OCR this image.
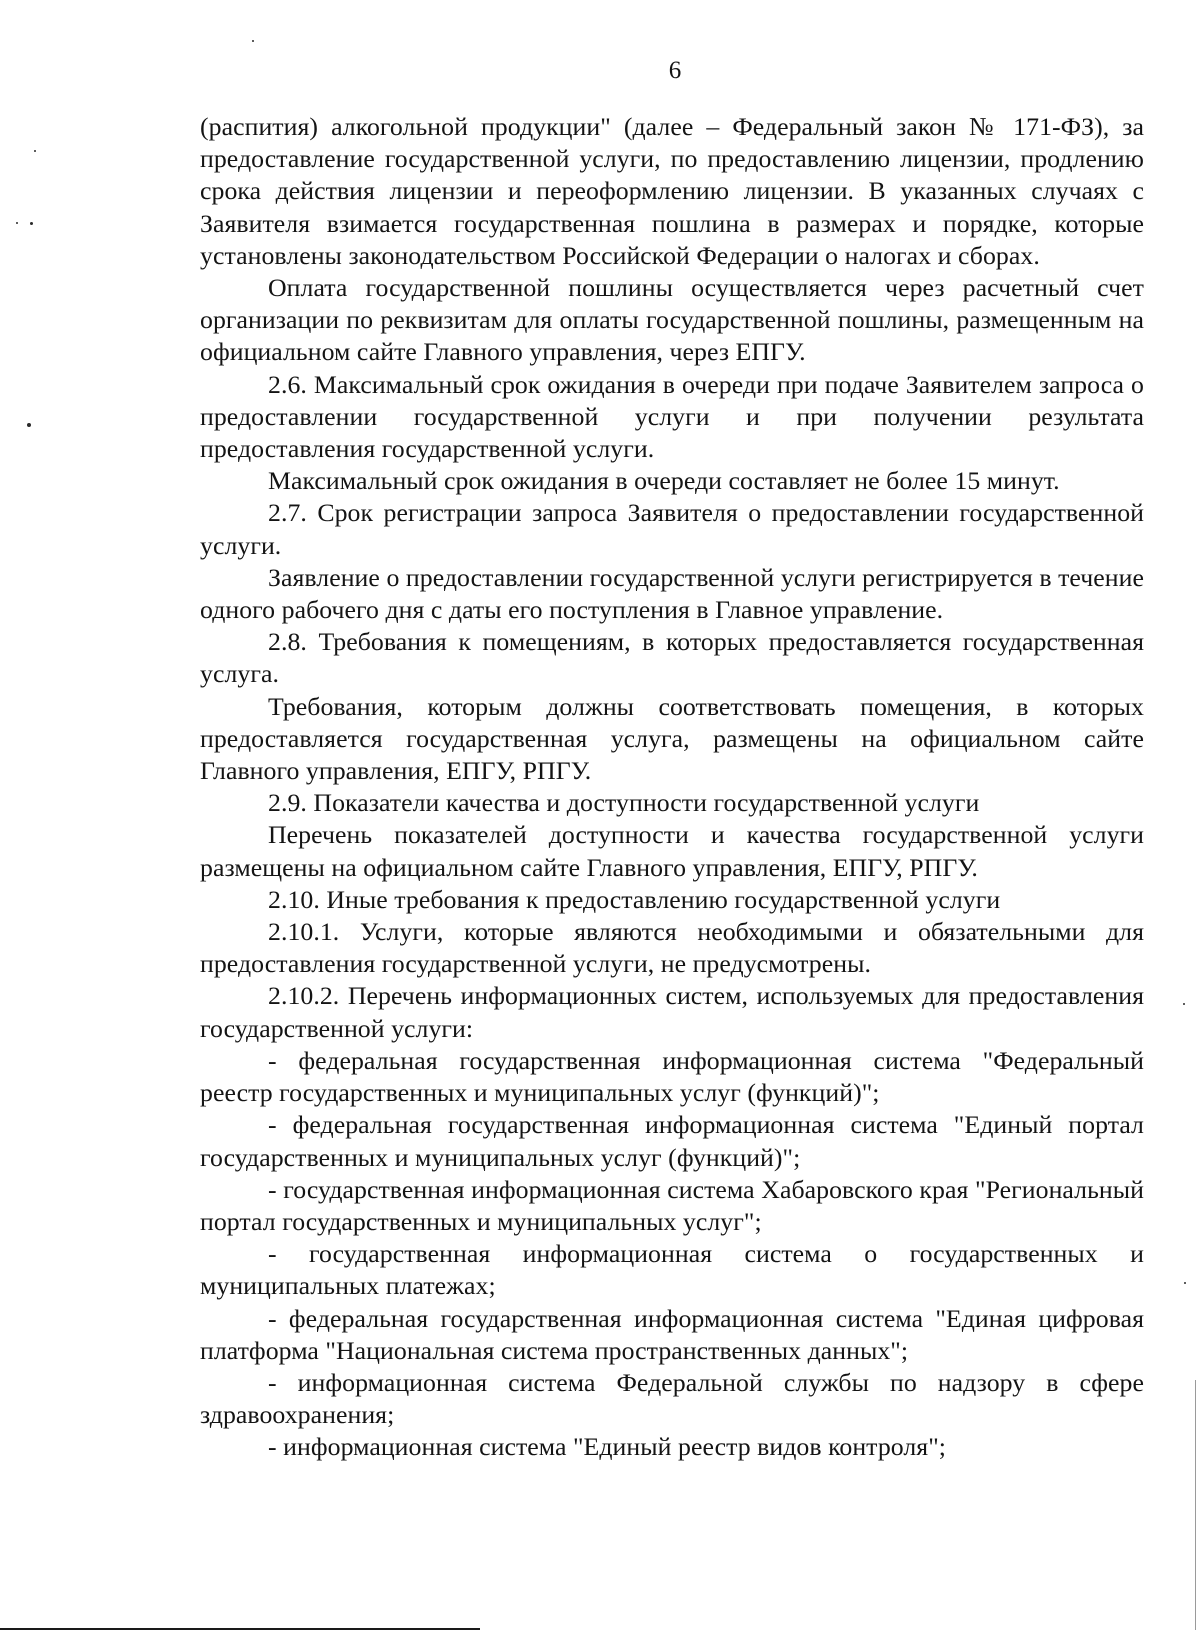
6

(распития) алкогольной продукции" (далее – Федеральный закон № 171-ФЗ), за предоставление государственной услуги, по предоставлению лицензии, продлению срока действия лицензии и переоформлению лицензии. В указанных случаях с Заявителя взимается государственная пошлина в размерах и порядке, которые установлены законодательством Российской Федерации о налогах и сборах.

Оплата государственной пошлины осуществляется через расчетный счет организации по реквизитам для оплаты государственной пошлины, размещенным на официальном сайте Главного управления, через ЕПГУ.

2.6. Максимальный срок ожидания в очереди при подаче Заявителем запроса о предоставлении государственной услуги и при получении результата предоставления государственной услуги.

Максимальный срок ожидания в очереди составляет не более 15 минут.

2.7. Срок регистрации запроса Заявителя о предоставлении государственной услуги.

Заявление о предоставлении государственной услуги регистрируется в течение одного рабочего дня с даты его поступления в Главное управление.

2.8. Требования к помещениям, в которых предоставляется государственная услуга.

Требования, которым должны соответствовать помещения, в которых предоставляется государственная услуга, размещены на официальном сайте Главного управления, ЕПГУ, РПГУ.

2.9. Показатели качества и доступности государственной услуги

Перечень показателей доступности и качества государственной услуги размещены на официальном сайте Главного управления, ЕПГУ, РПГУ.

2.10. Иные требования к предоставлению государственной услуги

2.10.1. Услуги, которые являются необходимыми и обязательными для предоставления государственной услуги, не предусмотрены.

2.10.2. Перечень информационных систем, используемых для предоставления государственной услуги:

- федеральная государственная информационная система "Федеральный реестр государственных и муниципальных услуг (функций)";

- федеральная государственная информационная система "Единый портал государственных и муниципальных услуг (функций)";

- государственная информационная система Хабаровского края "Региональный портал государственных и муниципальных услуг";

- государственная информационная система о государственных и муниципальных платежах;

- федеральная государственная информационная система "Единая цифровая платформа "Национальная система пространственных данных";

- информационная система Федеральной службы по надзору в сфере здравоохранения;

- информационная система "Единый реестр видов контроля";
